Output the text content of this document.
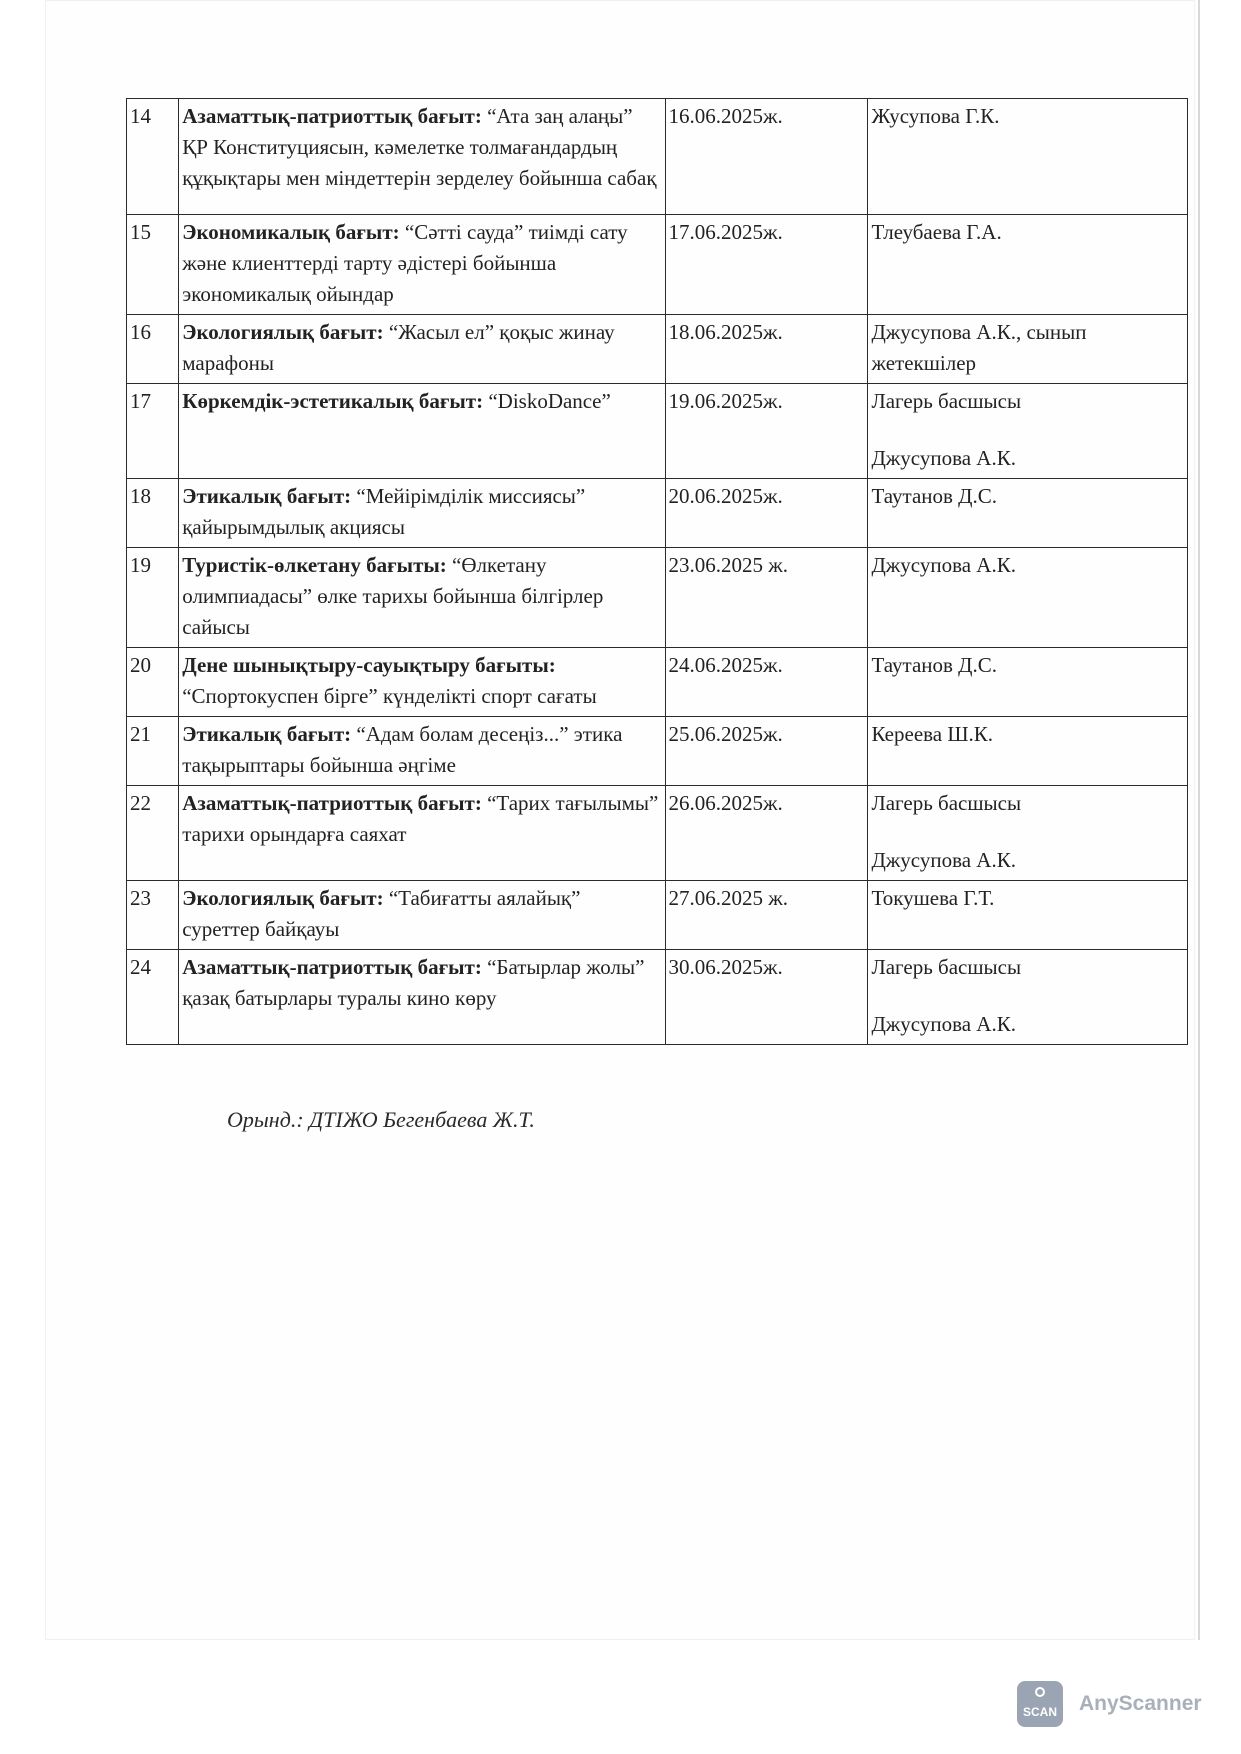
14	Азаматтық-патриоттық бағыт: “Ата заң алаңы” ҚР Конституциясын, кәмелетке толмағандардың құқықтары мен міндеттерін зерделеу бойынша сабақ	16.06.2025ж.	Жусупова Г.К.
15	Экономикалық бағыт: “Сәтті сауда” тиімді сату және клиенттерді тарту әдістері бойынша экономикалық ойындар	17.06.2025ж.	Тлеубаева Г.А.
16	Экологиялық бағыт: “Жасыл ел” қоқыс жинау марафоны	18.06.2025ж.	Джусупова А.К., сынып жетекшілер
17	Көркемдік-эстетикалық бағыт: “DiskoDance”	19.06.2025ж.	Лагерь басшысы
Джусупова А.К.
18	Этикалық бағыт: “Мейірімділік миссиясы” қайырымдылық акциясы	20.06.2025ж.	Таутанов Д.С.
19	Туристік-өлкетану бағыты: “Өлкетану олимпиадасы” өлке тарихы бойынша білгірлер сайысы	23.06.2025 ж.	Джусупова А.К.
20	Дене шынықтыру-сауықтыру бағыты: “Спортокуспен бірге” күнделікті спорт сағаты	24.06.2025ж.	Таутанов Д.С.
21	Этикалық бағыт: “Адам болам десеңіз...” этика тақырыптары бойынша әңгіме	25.06.2025ж.	Кереева Ш.К.
22	Азаматтық-патриоттық бағыт: “Тарих тағылымы” тарихи орындарға саяхат	26.06.2025ж.	Лагерь басшысы
Джусупова А.К.
23	Экологиялық бағыт: “Табиғатты аялайық” суреттер байқауы	27.06.2025 ж.	Токушева Г.Т.
24	Азаматтық-патриоттық бағыт: “Батырлар жолы” қазақ батырлары туралы кино көру	30.06.2025ж.	Лагерь басшысы
Джусупова А.К.
Орынд.: ДТІЖО Бегенбаева Ж.Т.
SCAN AnyScanner
